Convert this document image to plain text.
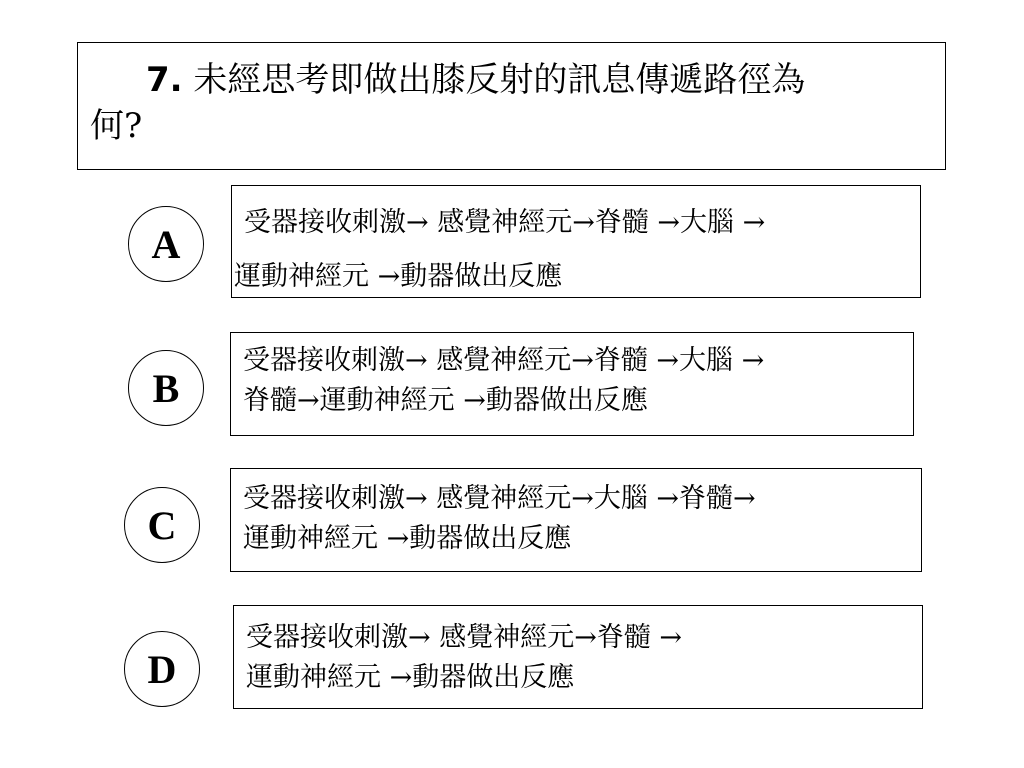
7. 未經思考即做出膝反射的訊息傳遞路徑為
何?
A 受器接收刺激→ 感覺神經元→脊髓 →大腦 →
運動神經元 →動器做出反應
B
受器接收刺激→ 感覺神經元→脊髓 →大腦 →
脊髓→運動神經元 →動器做出反應
C
受器接收刺激→ 感覺神經元→大腦 →脊髓→
運動神經元 →動器做出反應
D
受器接收刺激→ 感覺神經元→脊髓 →
運動神經元 →動器做出反應
